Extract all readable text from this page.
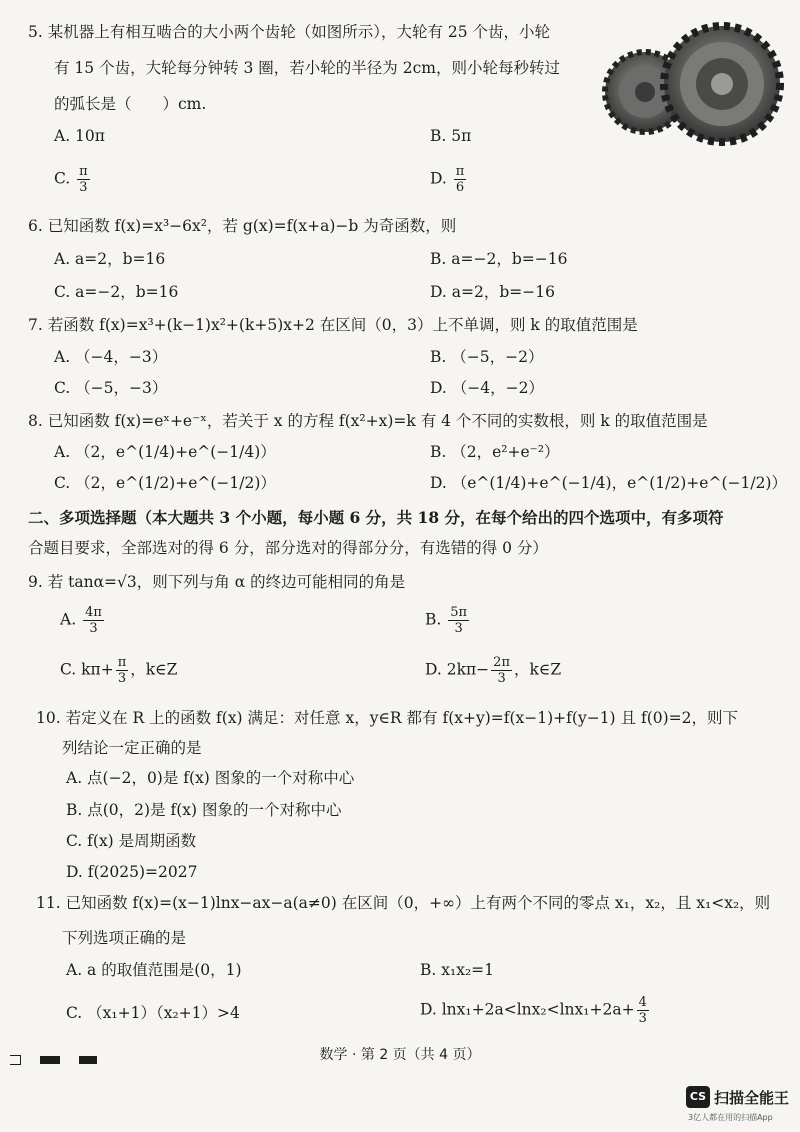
5. 某机器上有相互啮合的大小两个齿轮（如图所示），大轮有 25 个齿，小轮
有 15 个齿，大轮每分钟转 3 圈，若小轮的半径为 2cm，则小轮每秒转过
的弧长是（　　）cm.
A. 10π	B. 5π
C. $\frac{\pi}{3}$	D. $\frac{\pi}{6}$
6. 已知函数 f(x)=x³−6x²，若 g(x)=f(x+a)−b 为奇函数，则
A. a=2，b=16	B. a=−2，b=−16
C. a=−2，b=16	D. a=2，b=−16
7. 若函数 f(x)=x³+(k−1)x²+(k+5)x+2 在区间（0，3）上不单调，则 k 的取值范围是
A. （−4，−3）	B. （−5，−2）
C. （−5，−3）	D. （−4，−2）
8. 已知函数 f(x)=eˣ+e⁻ˣ，若关于 x 的方程 f(x²+x)=k 有 4 个不同的实数根，则 k 的取值范围是
A. （2，e^(1/4)+e^(−1/4)）	B. （2，e²+e⁻²）
C. （2，e^(1/2)+e^(−1/2)）	D. （e^(1/4)+e^(−1/4)，e^(1/2)+e^(−1/2)）
二、多项选择题（本大题共 3 个小题，每小题 6 分，共 18 分，在每个给出的四个选项中，有多项符
合题目要求，全部选对的得 6 分，部分选对的得部分分，有选错的得 0 分）
9. 若 tanα=√3，则下列与角 α 的终边可能相同的角是
A. $\frac{4\pi}{3}$	B. $\frac{5\pi}{3}$
C. $k\pi+ \frac{\pi}{3}$ ，k∈Z	D. $2k\pi- \frac{2\pi}{3}$ ，k∈Z
10. 若定义在 R 上的函数 f(x) 满足：对任意 x，y∈R 都有 f(x+y)=f(x−1)+f(y−1) 且 f(0)=2，则下
列结论一定正确的是
A. 点(−2，0)是 f(x) 图象的一个对称中心
B. 点(0，2)是 f(x) 图象的一个对称中心
C. f(x) 是周期函数
D. f(2025)=2027
11. 已知函数 f(x)=(x−1)lnx−ax−a(a≠0) 在区间（0，+∞）上有两个不同的零点 x₁，x₂，且 x₁<x₂，则
下列选项正确的是
A. a 的取值范围是(0，1)	B. x₁x₂=1
C. （x₁+1）（x₂+1）>4	D. $\ln x_1+2a<\ln x_2<\ln x_1+2a+ \frac{4}{3}$

数学 · 第 2 页（共 4 页）
CS 扫描全能王
3亿人都在用的扫描App
